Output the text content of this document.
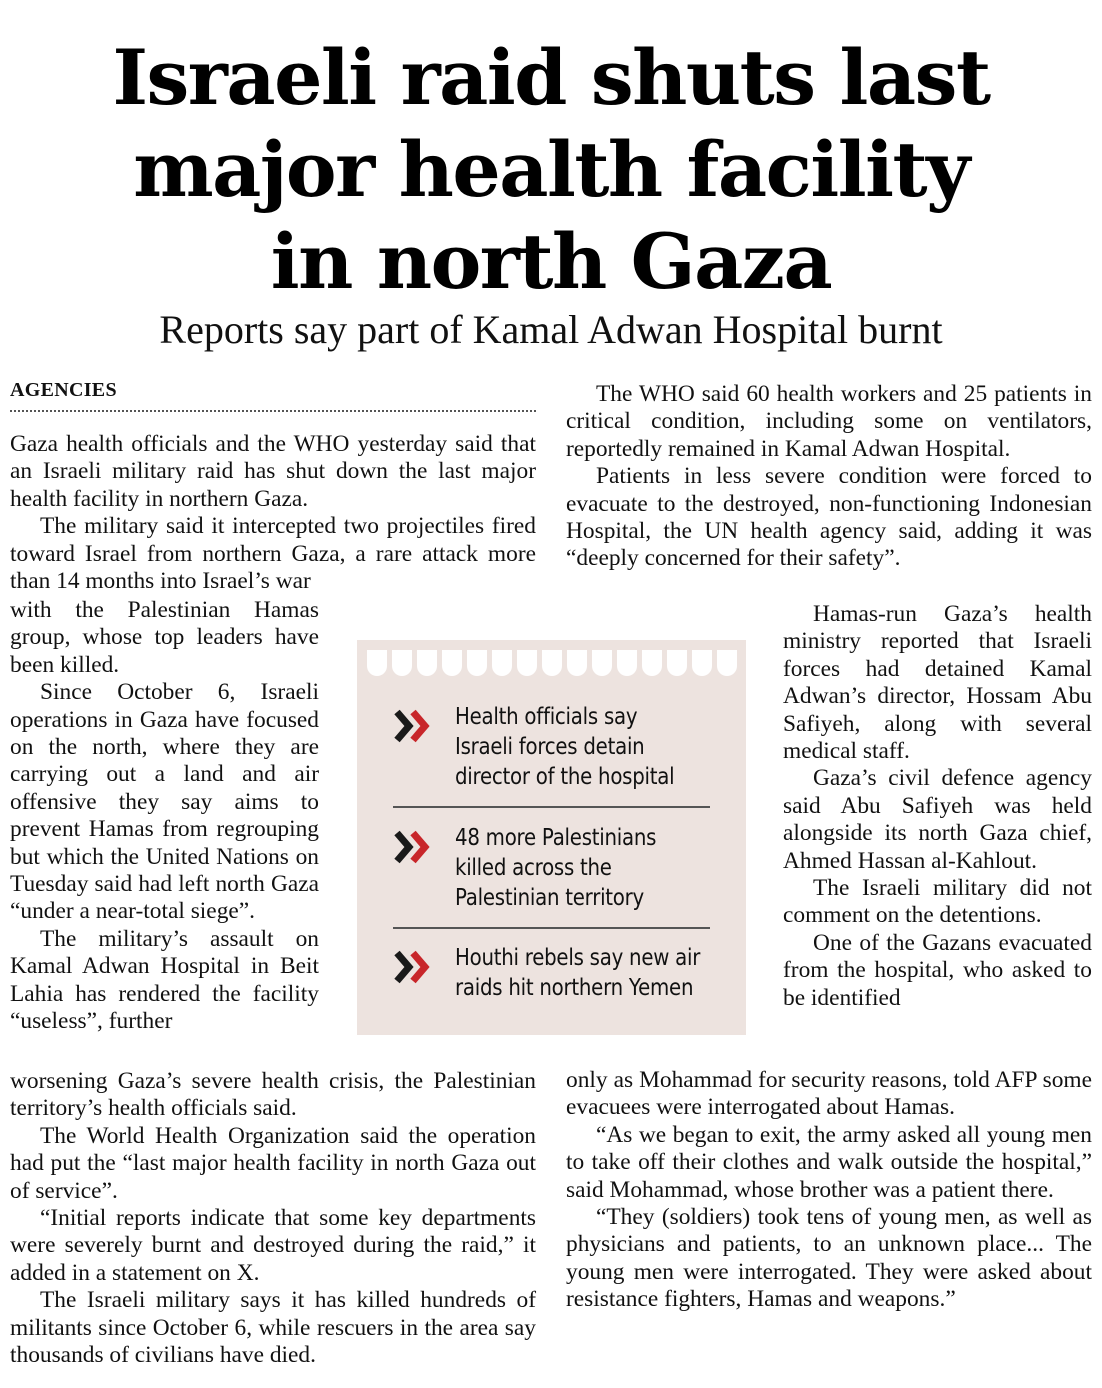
Israeli raid shuts last
major health facility
in north Gaza
Reports say part of Kamal Adwan Hospital burnt
AGENCIES

Gaza health officials and the WHO yesterday said that an Israeli military raid has shut down the last major health facility in northern Gaza.

The military said it intercepted two projectiles fired toward Israel from northern Gaza, a rare attack more than 14 months into Israel’s war

with the Palestinian Hamas group, whose top leaders have been killed.

Since October 6, Israeli operations in Gaza have focused on the north, where they are carrying out a land and air offensive they say aims to prevent Hamas from regrouping but which the United Nations on Tuesday said had left north Gaza “under a near-total siege”.

The military’s assault on Kamal Adwan Hospital in Beit Lahia has rendered the facility “useless”, further

worsening Gaza’s severe health crisis, the Palestinian territory’s health officials said.

The World Health Organization said the operation had put the “last major health facility in north Gaza out of service”.

“Initial reports indicate that some key departments were severely burnt and destroyed during the raid,” it added in a statement on X.

The Israeli military says it has killed hundreds of militants since October 6, while rescuers in the area say thousands of civilians have died.

The WHO said 60 health workers and 25 patients in critical condition, including some on ventilators, reportedly remained in Kamal Adwan Hospital.

Patients in less severe condition were forced to evacuate to the destroyed, non-functioning Indonesian Hospital, the UN health agency said, adding it was “deeply concerned for their safety”.

Hamas-run Gaza’s health ministry reported that Israeli forces had detained Kamal Adwan’s director, Hossam Abu Safiyeh, along with several medical staff.

Gaza’s civil defence agency said Abu Safiyeh was held alongside its north Gaza chief, Ahmed Hassan al-Kahlout.

The Israeli military did not comment on the detentions.

One of the Gazans evacuated from the hospital, who asked to be identified

only as Mohammad for security reasons, told AFP some evacuees were interrogated about Hamas.

“As we began to exit, the army asked all young men to take off their clothes and walk outside the hospital,” said Mohammad, whose brother was a patient there.

“They (soldiers) took tens of young men, as well as physicians and patients, to an unknown place... The young men were interrogated. They were asked about resistance fighters, Hamas and weapons.”

Health officials say
Israeli forces detain
director of the hospital
48 more Palestinians
killed across the
Palestinian territory
Houthi rebels say new air
raids hit northern Yemen
